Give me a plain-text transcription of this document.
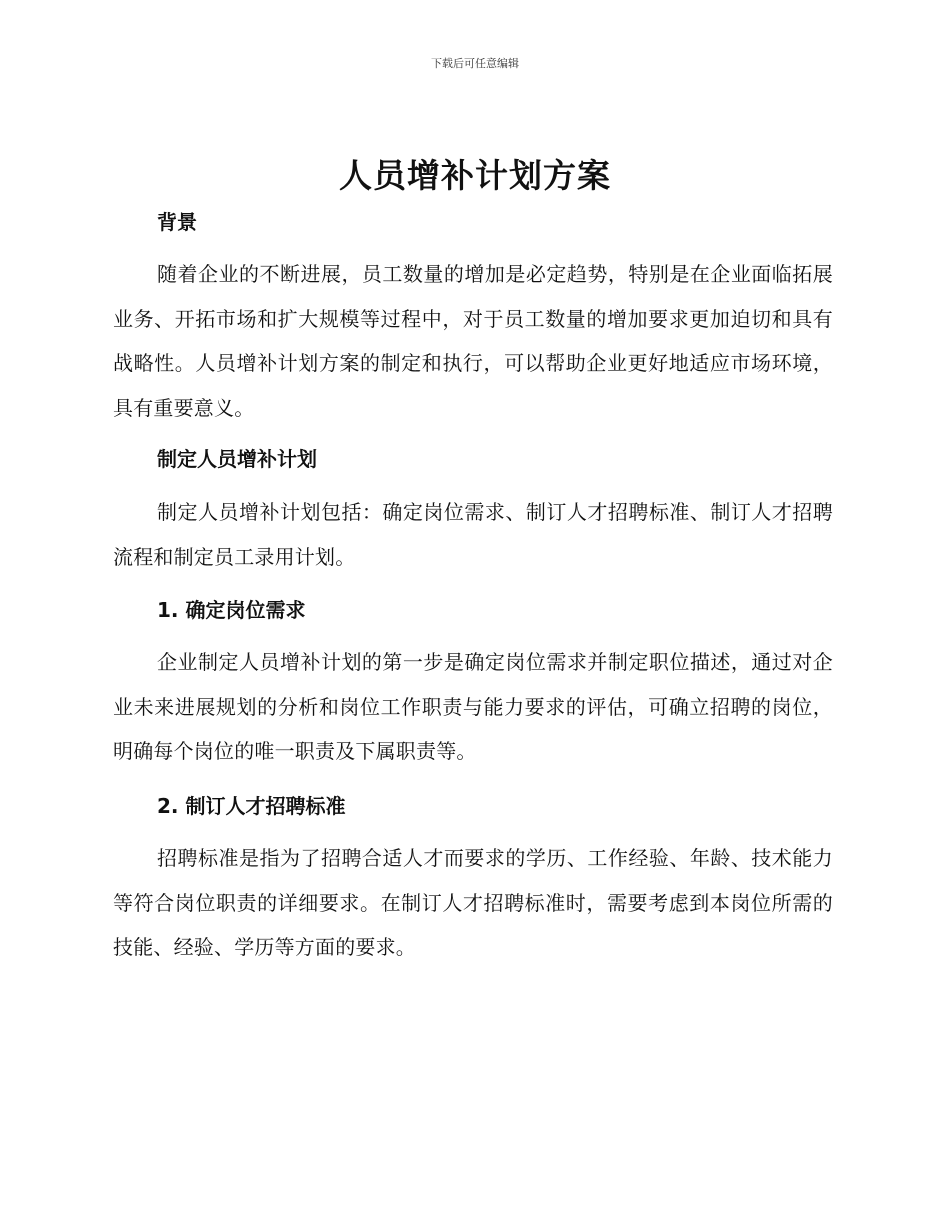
下载后可任意编辑
人员增补计划方案
背景

随着企业的不断进展，员工数量的增加是必定趋势，特别是在企业面临拓展业务、开拓市场和扩大规模等过程中，对于员工数量的增加要求更加迫切和具有战略性。人员增补计划方案的制定和执行，可以帮助企业更好地适应市场环境，具有重要意义。

制定人员增补计划

制定人员增补计划包括：确定岗位需求、制订人才招聘标准、制订人才招聘流程和制定员工录用计划。

1. 确定岗位需求

企业制定人员增补计划的第一步是确定岗位需求并制定职位描述，通过对企业未来进展规划的分析和岗位工作职责与能力要求的评估，可确立招聘的岗位，明确每个岗位的唯一职责及下属职责等。

2. 制订人才招聘标准

招聘标准是指为了招聘合适人才而要求的学历、工作经验、年龄、技术能力等符合岗位职责的详细要求。在制订人才招聘标准时，需要考虑到本岗位所需的技能、经验、学历等方面的要求。
